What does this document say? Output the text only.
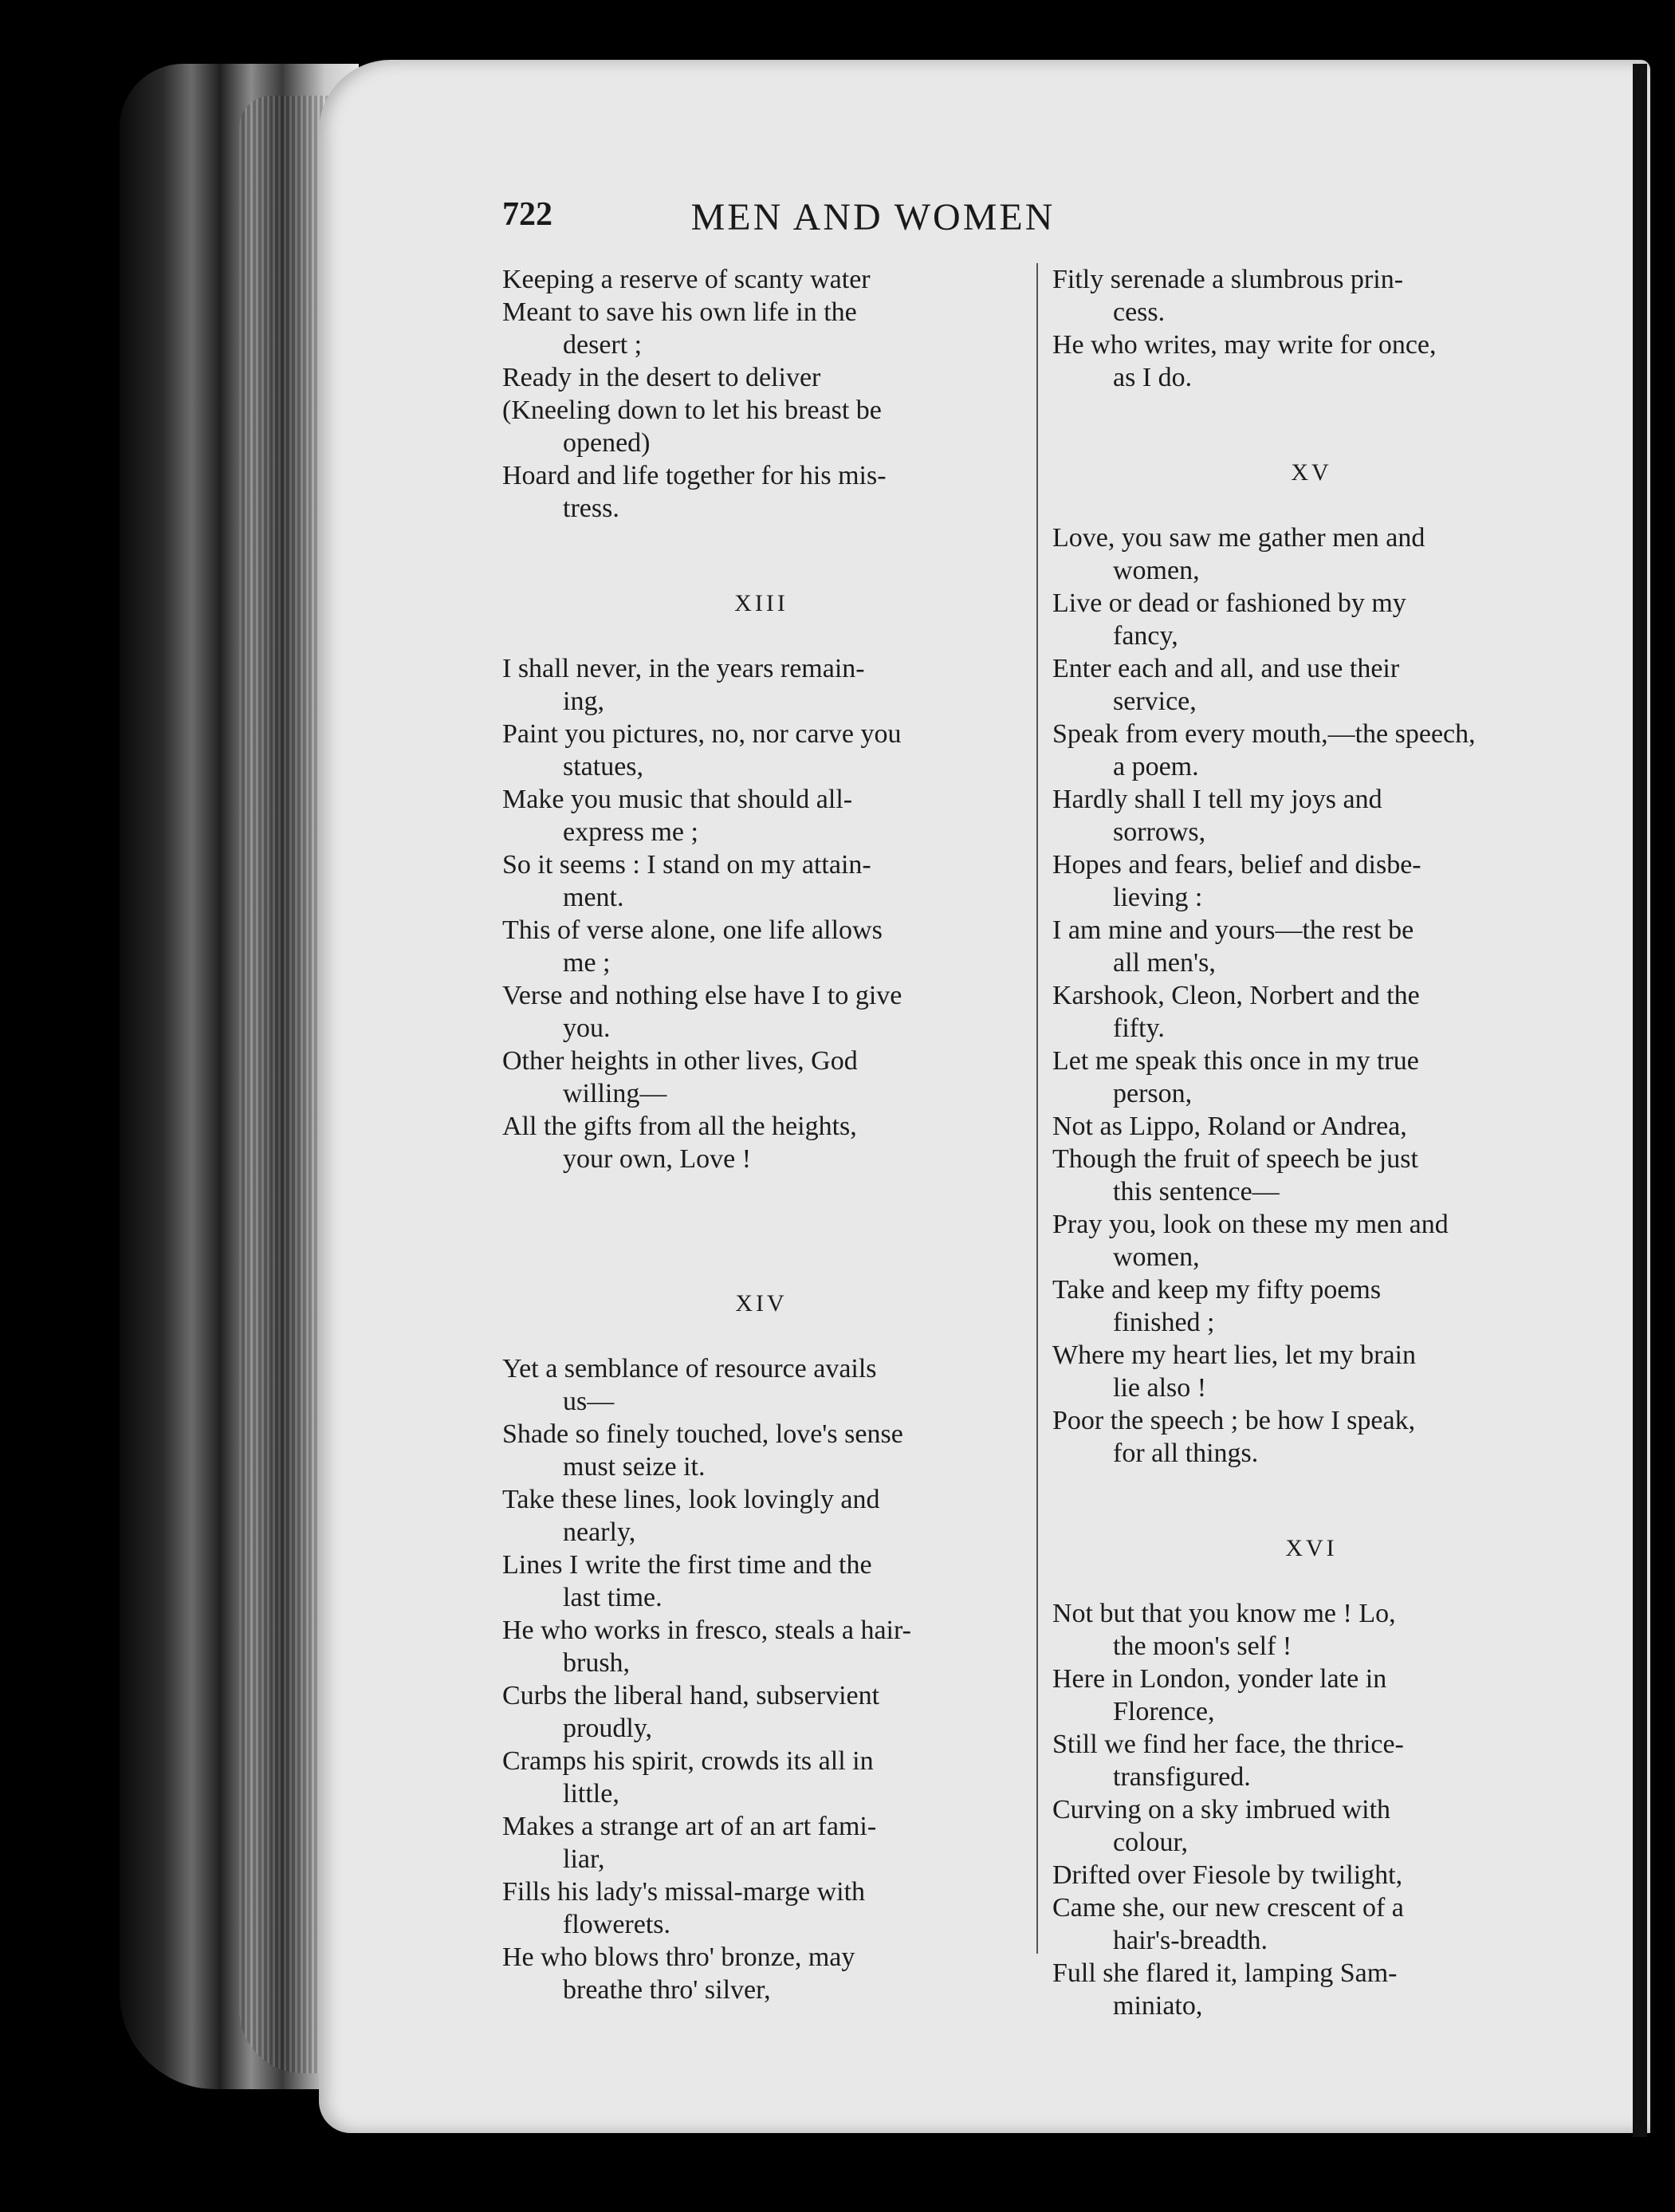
722	MEN AND WOMEN
Keeping a reserve of scanty water
Meant to save his own life in the
desert ;
Ready in the desert to deliver
(Kneeling down to let his breast be
opened)
Hoard and life together for his mis-
tress.
XIII
I shall never, in the years remain-
ing,
Paint you pictures, no, nor carve you
statues,
Make you music that should all-
express me ;
So it seems : I stand on my attain-
ment.
This of verse alone, one life allows
me ;
Verse and nothing else have I to give
you.
Other heights in other lives, God
willing—
All the gifts from all the heights,
your own, Love !
XIV
Yet a semblance of resource avails
us—
Shade so finely touched, love's sense
must seize it.
Take these lines, look lovingly and
nearly,
Lines I write the first time and the
last time.
He who works in fresco, steals a hair-
brush,
Curbs the liberal hand, subservient
proudly,
Cramps his spirit, crowds its all in
little,
Makes a strange art of an art fami-
liar,
Fills his lady's missal-marge with
flowerets.
He who blows thro' bronze, may
breathe thro' silver,
Fitly serenade a slumbrous prin-
cess.
He who writes, may write for once,
as I do.
XV
Love, you saw me gather men and
women,
Live or dead or fashioned by my
fancy,
Enter each and all, and use their
service,
Speak from every mouth,—the speech,
a poem.
Hardly shall I tell my joys and
sorrows,
Hopes and fears, belief and disbe-
lieving :
I am mine and yours—the rest be
all men's,
Karshook, Cleon, Norbert and the
fifty.
Let me speak this once in my true
person,
Not as Lippo, Roland or Andrea,
Though the fruit of speech be just
this sentence—
Pray you, look on these my men and
women,
Take and keep my fifty poems
finished ;
Where my heart lies, let my brain
lie also !
Poor the speech ; be how I speak,
for all things.
XVI
Not but that you know me ! Lo,
the moon's self !
Here in London, yonder late in
Florence,
Still we find her face, the thrice-
transfigured.
Curving on a sky imbrued with
colour,
Drifted over Fiesole by twilight,
Came she, our new crescent of a
hair's-breadth.
Full she flared it, lamping Sam-
miniato,
